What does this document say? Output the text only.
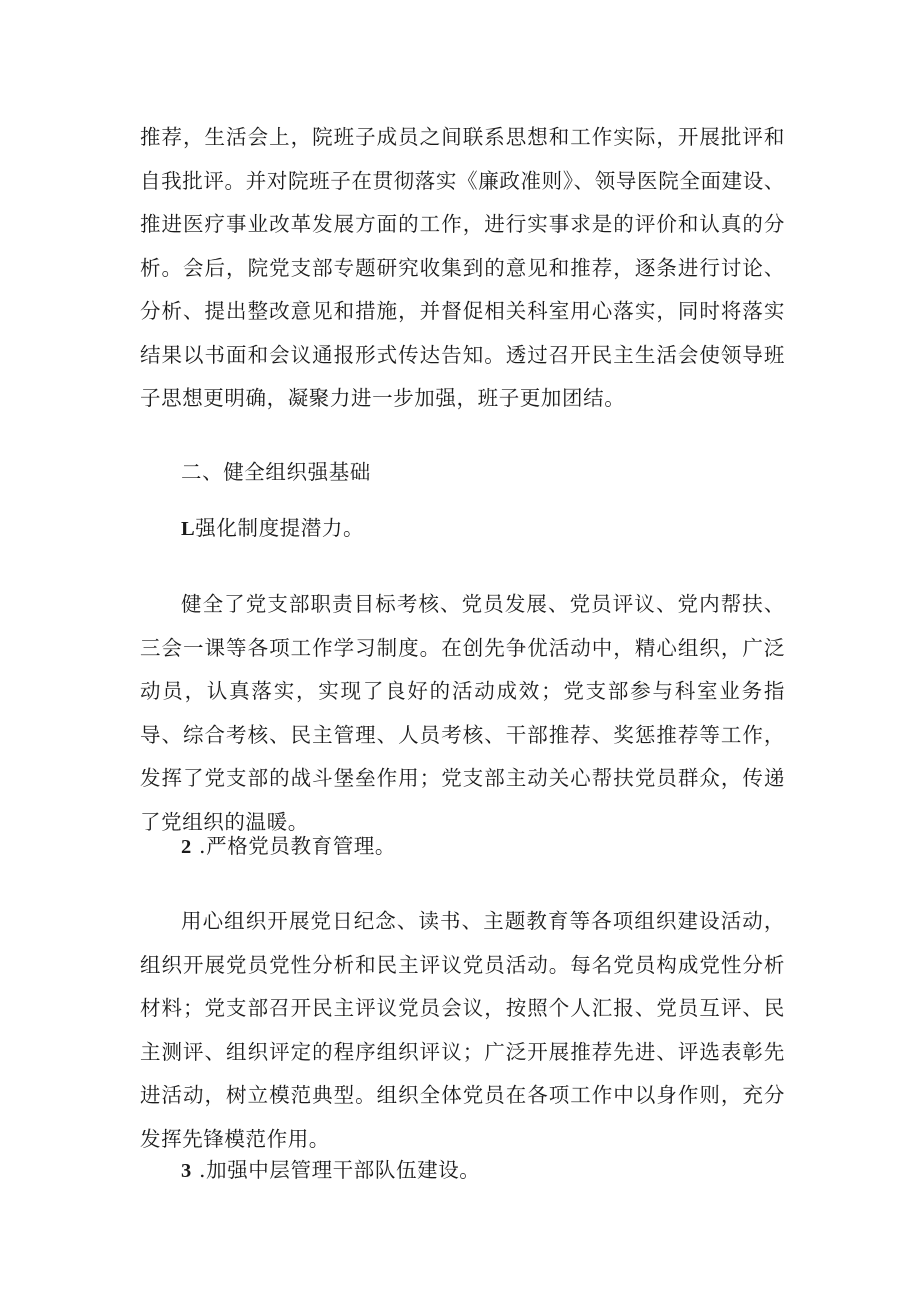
推荐，生活会上，院班子成员之间联系思想和工作实际，开展批评和自我批评。并对院班子在贯彻落实《廉政准则》、领导医院全面建设、推进医疗事业改革发展方面的工作，进行实事求是的评价和认真的分析。会后，院党支部专题研究收集到的意见和推荐，逐条进行讨论、分析、提出整改意见和措施，并督促相关科室用心落实，同时将落实结果以书面和会议通报形式传达告知。透过召开民主生活会使领导班子思想更明确，凝聚力进一步加强，班子更加团结。

二、健全组织强基础

L强化制度提潜力。

健全了党支部职责目标考核、党员发展、党员评议、党内帮扶、三会一课等各项工作学习制度。在创先争优活动中，精心组织，广泛动员，认真落实，实现了良好的活动成效；党支部参与科室业务指导、综合考核、民主管理、人员考核、干部推荐、奖惩推荐等工作，发挥了党支部的战斗堡垒作用；党支部主动关心帮扶党员群众，传递了党组织的温暖。

2 .严格党员教育管理。

用心组织开展党日纪念、读书、主题教育等各项组织建设活动，组织开展党员党性分析和民主评议党员活动。每名党员构成党性分析材料；党支部召开民主评议党员会议，按照个人汇报、党员互评、民主测评、组织评定的程序组织评议；广泛开展推荐先进、评选表彰先进活动，树立模范典型。组织全体党员在各项工作中以身作则，充分发挥先锋模范作用。

3 .加强中层管理干部队伍建设。
